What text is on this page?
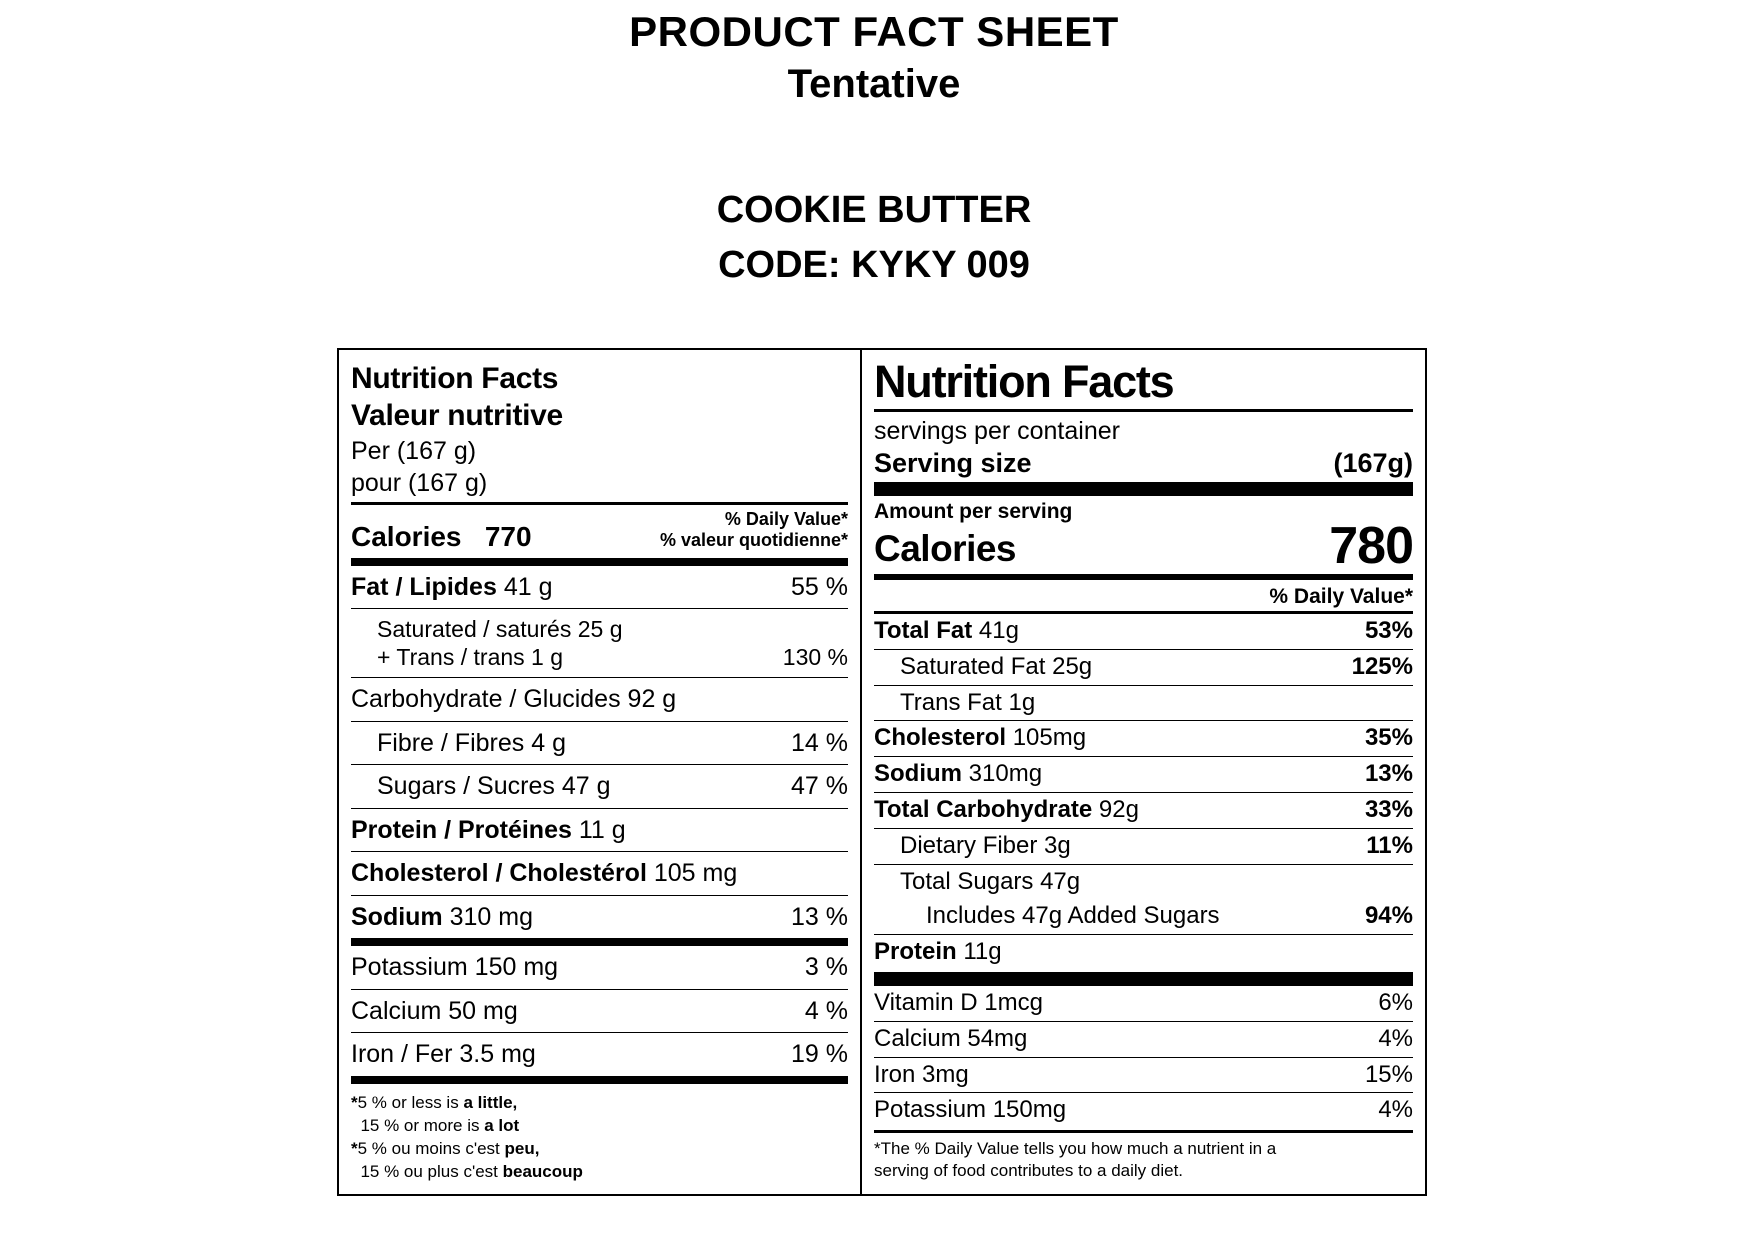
PRODUCT FACT SHEET
Tentative

COOKIE BUTTER

CODE: KYKY 009

Nutrition Facts
Valeur nutritive
Per (167 g)
pour (167 g)
Calories 770
% Daily Value*
% valeur quotidienne*
Fat / Lipides 41 g	55 %
Saturated / saturés 25 g

+ Trans / trans 1 g	130 %
Carbohydrate / Glucides 92 g

Fibre / Fibres 4 g	14 %
Sugars / Sucres 47 g	47 %
Protein / Protéines 11 g

Cholesterol / Cholestérol 105 mg

Sodium 310 mg	13 %
Potassium 150 mg	3 %
Calcium 50 mg	4 %
Iron / Fer 3.5 mg	19 %
*5 % or less is a little,
15 % or more is a lot
*5 % ou moins c'est peu,
15 % ou plus c'est beaucoup
Nutrition Facts
servings per container
Serving size	(167g)
Amount per serving
Calories	780
% Daily Value*
Total Fat 41g	53%
Saturated Fat 25g	125%
Trans Fat 1g
Cholesterol 105mg	35%
Sodium 310mg	13%
Total Carbohydrate 92g	33%
Dietary Fiber 3g	11%
Total Sugars 47g
Includes 47g Added Sugars	94%
Protein 11g
Vitamin D 1mcg	6%
Calcium 54mg	4%
Iron 3mg	15%
Potassium 150mg	4%
*The % Daily Value tells you how much a nutrient in a
serving of food contributes to a daily diet.
